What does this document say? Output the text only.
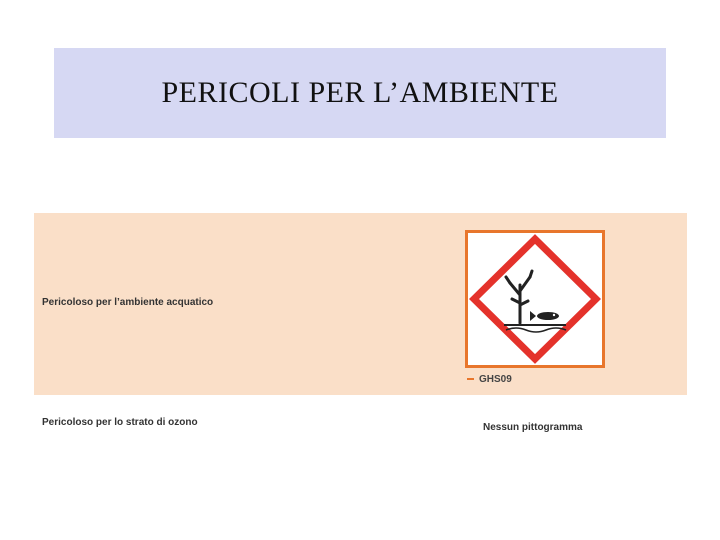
PERICOLI PER L’AMBIENTE
Pericoloso per l’ambiente acquatico
GHS09
Pericoloso per lo strato di ozono	Nessun pittogramma
